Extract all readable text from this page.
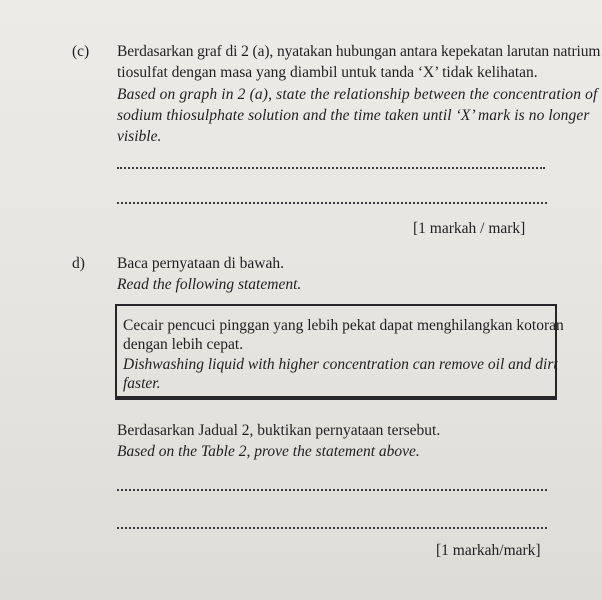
(c) Berdasarkan graf di 2 (a), nyatakan hubungan antara kepekatan larutan natrium
tiosulfat dengan masa yang diambil untuk tanda ‘X’ tidak kelihatan.
Based on graph in 2 (a), state the relationship between the concentration of
sodium thiosulphate solution and the time taken until ‘X’ mark is no longer
visible.
[1 markah / mark]
d) Baca pernyataan di bawah.
Read the following statement.
Cecair pencuci pinggan yang lebih pekat dapat menghilangkan kotoran
dengan lebih cepat.
Dishwashing liquid with higher concentration can remove oil and dirt
faster.
Berdasarkan Jadual 2, buktikan pernyataan tersebut.
Based on the Table 2, prove the statement above.
[1 markah/mark]
